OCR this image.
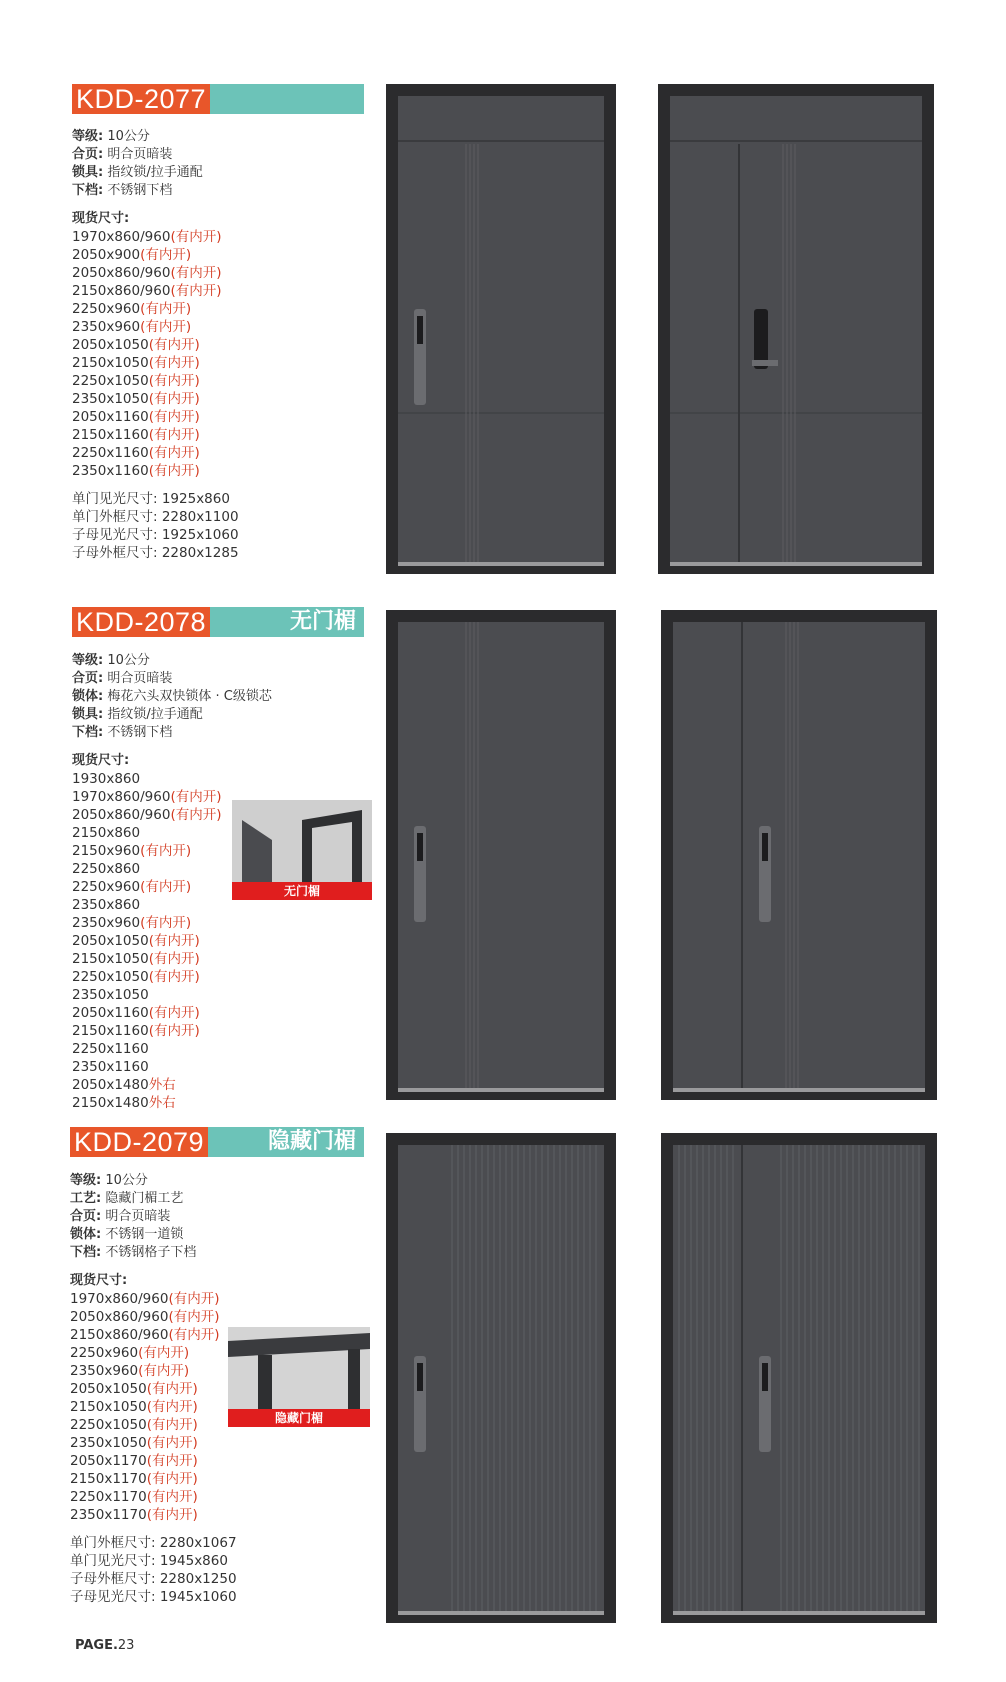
KDD-2077
等级: 10公分
合页: 明合页暗装
锁具: 指纹锁/拉手通配
下档: 不锈钢下档
现货尺寸:
1970x860/960(有内开)
2050x900(有内开)
2050x860/960(有内开)
2150x860/960(有内开)
2250x960(有内开)
2350x960(有内开)
2050x1050(有内开)
2150x1050(有内开)
2250x1050(有内开)
2350x1050(有内开)
2050x1160(有内开)
2150x1160(有内开)
2250x1160(有内开)
2350x1160(有内开)
单门见光尺寸: 1925x860
单门外框尺寸: 2280x1100
子母见光尺寸: 1925x1060
子母外框尺寸: 2280x1285
KDD-2078	无门楣
等级: 10公分
合页: 明合页暗装
锁体: 梅花六头双快锁体 · C级锁芯
锁具: 指纹锁/拉手通配
下档: 不锈钢下档
现货尺寸:
1930x860
1970x860/960(有内开)
2050x860/960(有内开)
2150x860
2150x960(有内开)
2250x860
2250x960(有内开)
2350x860
2350x960(有内开)
2050x1050(有内开)
2150x1050(有内开)
2250x1050(有内开)
2350x1050
2050x1160(有内开)
2150x1160(有内开)
2250x1160
2350x1160
2050x1480外右
2150x1480外右
无门楣
KDD-2079	隐藏门楣
等级: 10公分
工艺: 隐藏门楣工艺
合页: 明合页暗装
锁体: 不锈钢一道锁
下档: 不锈钢格子下档
现货尺寸:
1970x860/960(有内开)
2050x860/960(有内开)
2150x860/960(有内开)
2250x960(有内开)
2350x960(有内开)
2050x1050(有内开)
2150x1050(有内开)
2250x1050(有内开)
2350x1050(有内开)
2050x1170(有内开)
2150x1170(有内开)
2250x1170(有内开)
2350x1170(有内开)
单门外框尺寸: 2280x1067
单门见光尺寸: 1945x860
子母外框尺寸: 2280x1250
子母见光尺寸: 1945x1060
隐藏门楣
PAGE.23
